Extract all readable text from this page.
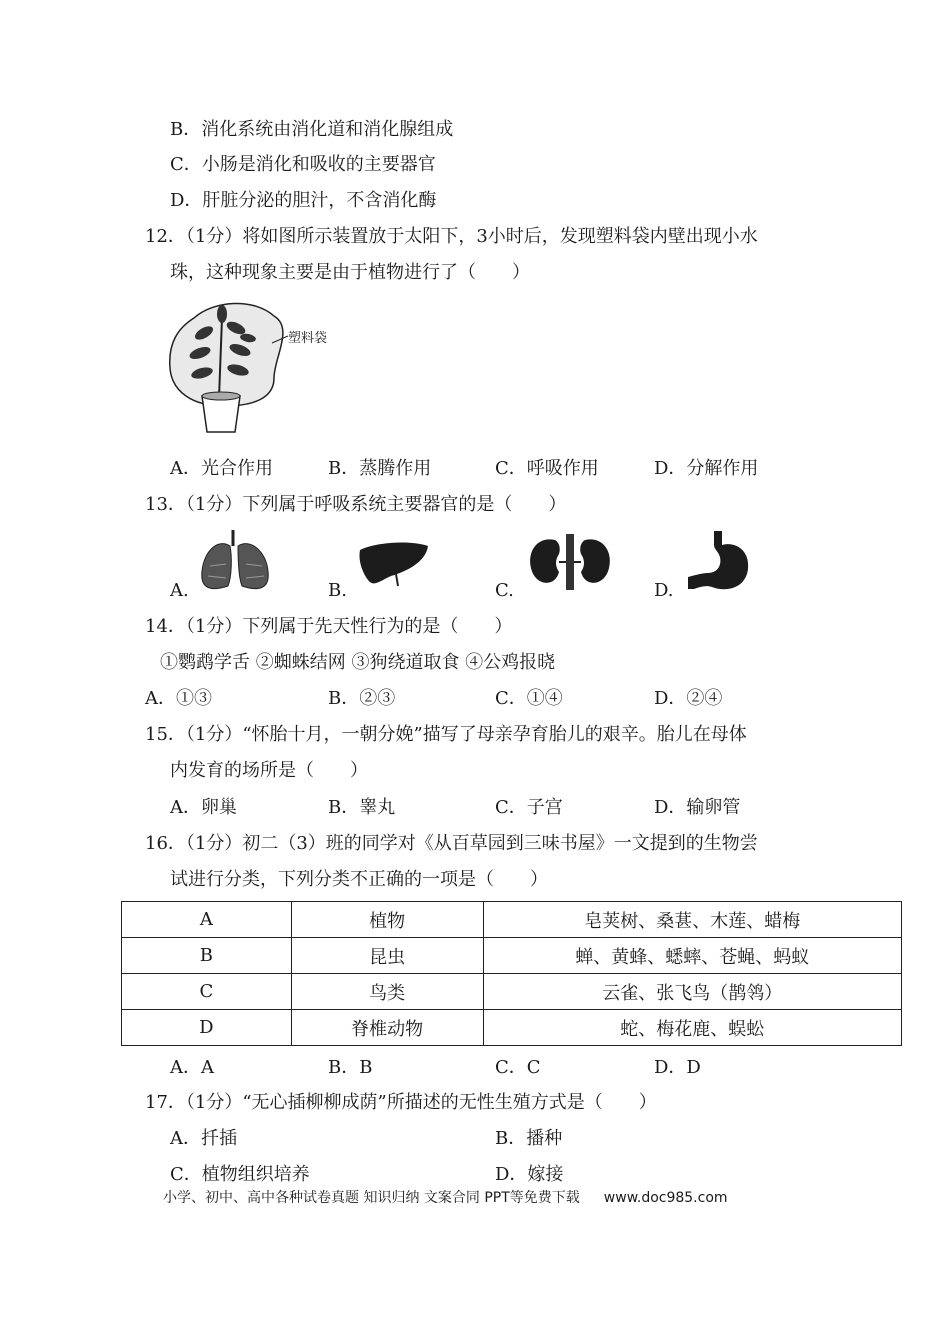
B．消化系统由消化道和消化腺组成
C．小肠是消化和吸收的主要器官
D．肝脏分泌的胆汁，不含消化酶
12．（1分）将如图所示装置放于太阳下，3小时后，发现塑料袋内壁出现小水
珠，这种现象主要是由于植物进行了（　　）
塑料袋
A．光合作用	B．蒸腾作用	C．呼吸作用	D．分解作用
13．（1分）下列属于呼吸系统主要器官的是（　　）
A.	B.	C.	D.
14．（1分）下列属于先天性行为的是（　　）
①鹦鹉学舌 ②蜘蛛结网 ③狗绕道取食 ④公鸡报晓
A．①③	B．②③	C．①④	D．②④
15．（1分）“怀胎十月，一朝分娩”描写了母亲孕育胎儿的艰辛。胎儿在母体
内发育的场所是（　　）
A．卵巢	B．睾丸	C．子宫	D．输卵管
16．（1分）初二（3）班的同学对《从百草园到三味书屋》一文提到的生物尝
试进行分类，下列分类不正确的一项是（　　）
A	植物	皂荚树、桑葚、木莲、蜡梅
B	昆虫	蝉、黄蜂、蟋蟀、苍蝇、蚂蚁
C	鸟类	云雀、张飞鸟（鹊鸰）
D	脊椎动物	蛇、梅花鹿、蜈蚣
A．A	B．B	C．C	D．D
17．（1分）“无心插柳柳成荫”所描述的无性生殖方式是（　　）
A．扦插	B．播种
C．植物组织培养	D．嫁接
小学、初中、高中各种试卷真题 知识归纳 文案合同 PPT等免费下载 www.doc985.com
